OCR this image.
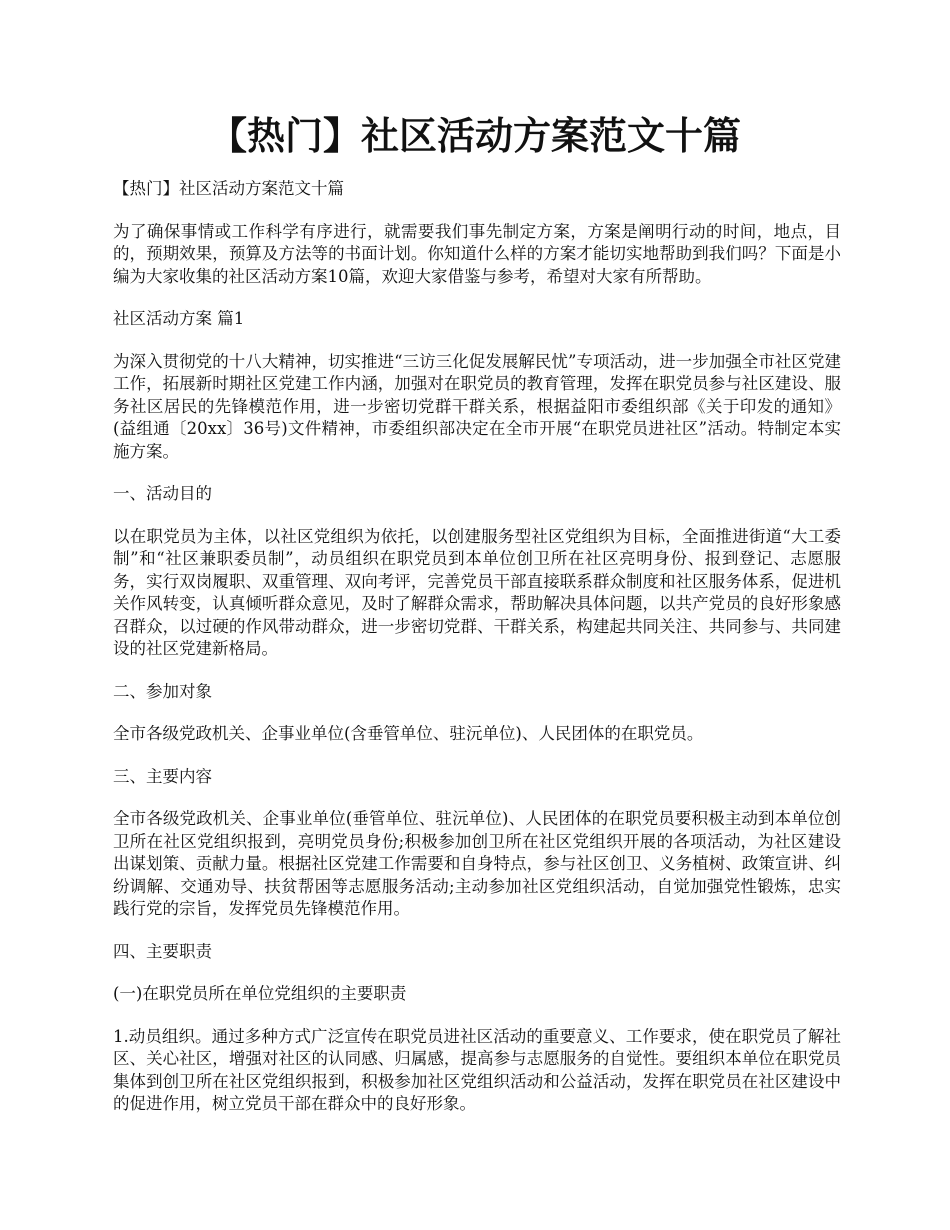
【热门】社区活动方案范文十篇

【热门】社区活动方案范文十篇

为了确保事情或工作科学有序进行，就需要我们事先制定方案，方案是阐明行动的时间，地点，目的，预期效果，预算及方法等的书面计划。你知道什么样的方案才能切实地帮助到我们吗？下面是小编为大家收集的社区活动方案10篇，欢迎大家借鉴与参考，希望对大家有所帮助。

社区活动方案 篇1

为深入贯彻党的十八大精神，切实推进“三访三化促发展解民忧”专项活动，进一步加强全市社区党建工作，拓展新时期社区党建工作内涵，加强对在职党员的教育管理，发挥在职党员参与社区建设、服务社区居民的先锋模范作用，进一步密切党群干群关系，根据益阳市委组织部《关于印发的通知》(益组通〔20xx〕36号)文件精神，市委组织部决定在全市开展“在职党员进社区”活动。特制定本实施方案。

一、活动目的

以在职党员为主体，以社区党组织为依托，以创建服务型社区党组织为目标，全面推进街道“大工委制”和“社区兼职委员制”，动员组织在职党员到本单位创卫所在社区亮明身份、报到登记、志愿服务，实行双岗履职、双重管理、双向考评，完善党员干部直接联系群众制度和社区服务体系，促进机关作风转变，认真倾听群众意见，及时了解群众需求，帮助解决具体问题，以共产党员的良好形象感召群众，以过硬的作风带动群众，进一步密切党群、干群关系，构建起共同关注、共同参与、共同建设的社区党建新格局。

二、参加对象

全市各级党政机关、企事业单位(含垂管单位、驻沅单位)、人民团体的在职党员。

三、主要内容

全市各级党政机关、企事业单位(垂管单位、驻沅单位)、人民团体的在职党员要积极主动到本单位创卫所在社区党组织报到，亮明党员身份;积极参加创卫所在社区党组织开展的各项活动，为社区建设出谋划策、贡献力量。根据社区党建工作需要和自身特点，参与社区创卫、义务植树、政策宣讲、纠纷调解、交通劝导、扶贫帮困等志愿服务活动;主动参加社区党组织活动，自觉加强党性锻炼，忠实践行党的宗旨，发挥党员先锋模范作用。

四、主要职责

(一)在职党员所在单位党组织的主要职责

1.动员组织。通过多种方式广泛宣传在职党员进社区活动的重要意义、工作要求，使在职党员了解社区、关心社区，增强对社区的认同感、归属感，提高参与志愿服务的自觉性。要组织本单位在职党员集体到创卫所在社区党组织报到，积极参加社区党组织活动和公益活动，发挥在职党员在社区建设中的促进作用，树立党员干部在群众中的良好形象。
